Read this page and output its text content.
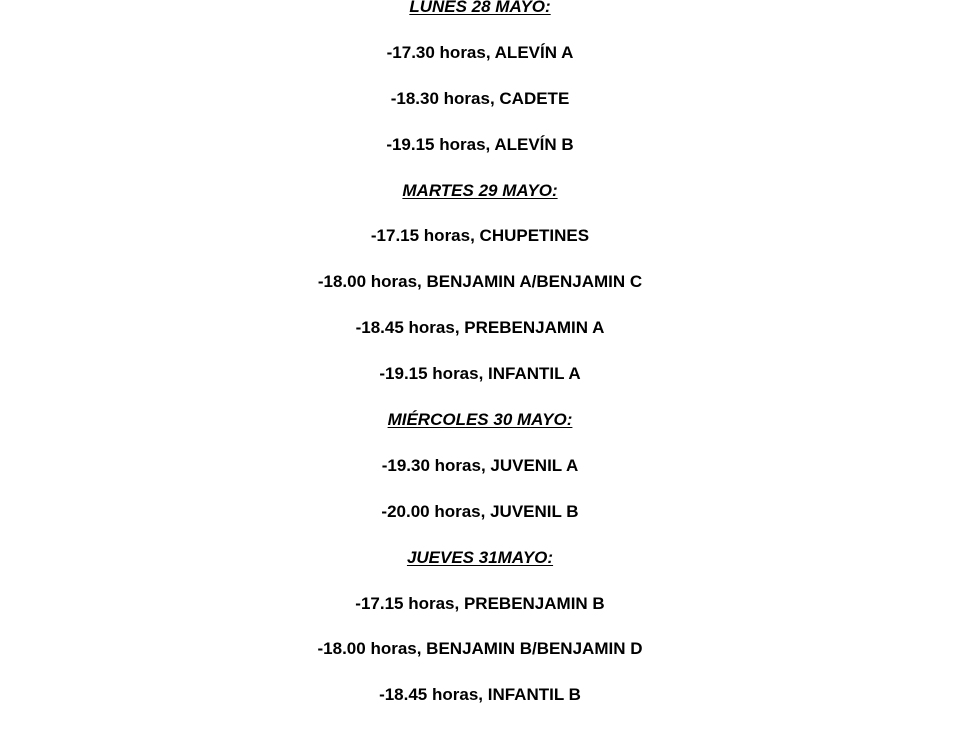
LUNES 28 MAYO:
-17.30 horas, ALEVÍN A
-18.30 horas, CADETE
-19.15 horas, ALEVÍN B
MARTES 29 MAYO:
-17.15 horas, CHUPETINES
-18.00 horas, BENJAMIN A/BENJAMIN C
-18.45 horas, PREBENJAMIN A
-19.15 horas, INFANTIL A
MIÉRCOLES 30 MAYO:
-19.30 horas, JUVENIL A
-20.00 horas, JUVENIL B
JUEVES 31MAYO:
-17.15 horas, PREBENJAMIN B
-18.00 horas, BENJAMIN B/BENJAMIN D
-18.45 horas, INFANTIL B
